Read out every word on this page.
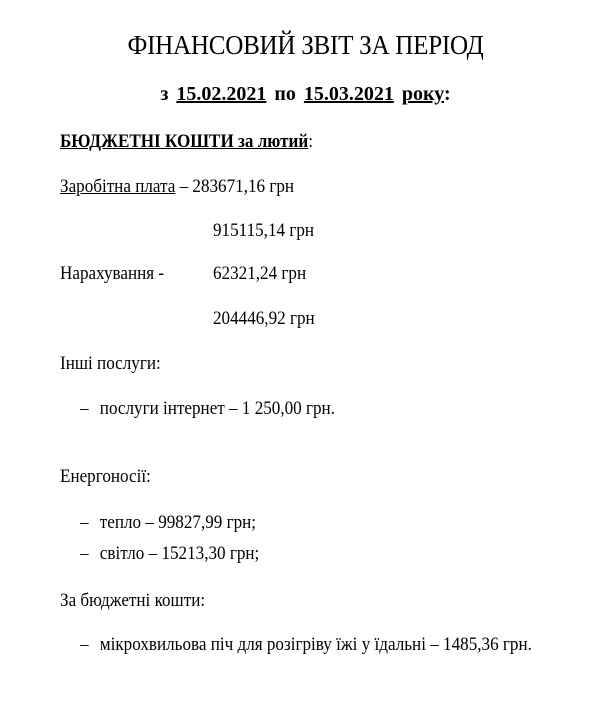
ФІНАНСОВИЙ ЗВІТ ЗА ПЕРІОД
з 15.02.2021 по 15.03.2021 року:
БЮДЖЕТНІ КОШТИ за лютий:
Заробітна плата – 283671,16 грн
915115,14 грн
Нарахування -	62321,24 грн
204446,92 грн
Інші послуги:
– послуги інтернет – 1 250,00 грн.
Енергоносії:
– тепло – 99827,99 грн;
– світло – 15213,30 грн;
За бюджетні кошти:
– мікрохвильова піч для розігріву їжі у їдальні – 1485,36 грн.
